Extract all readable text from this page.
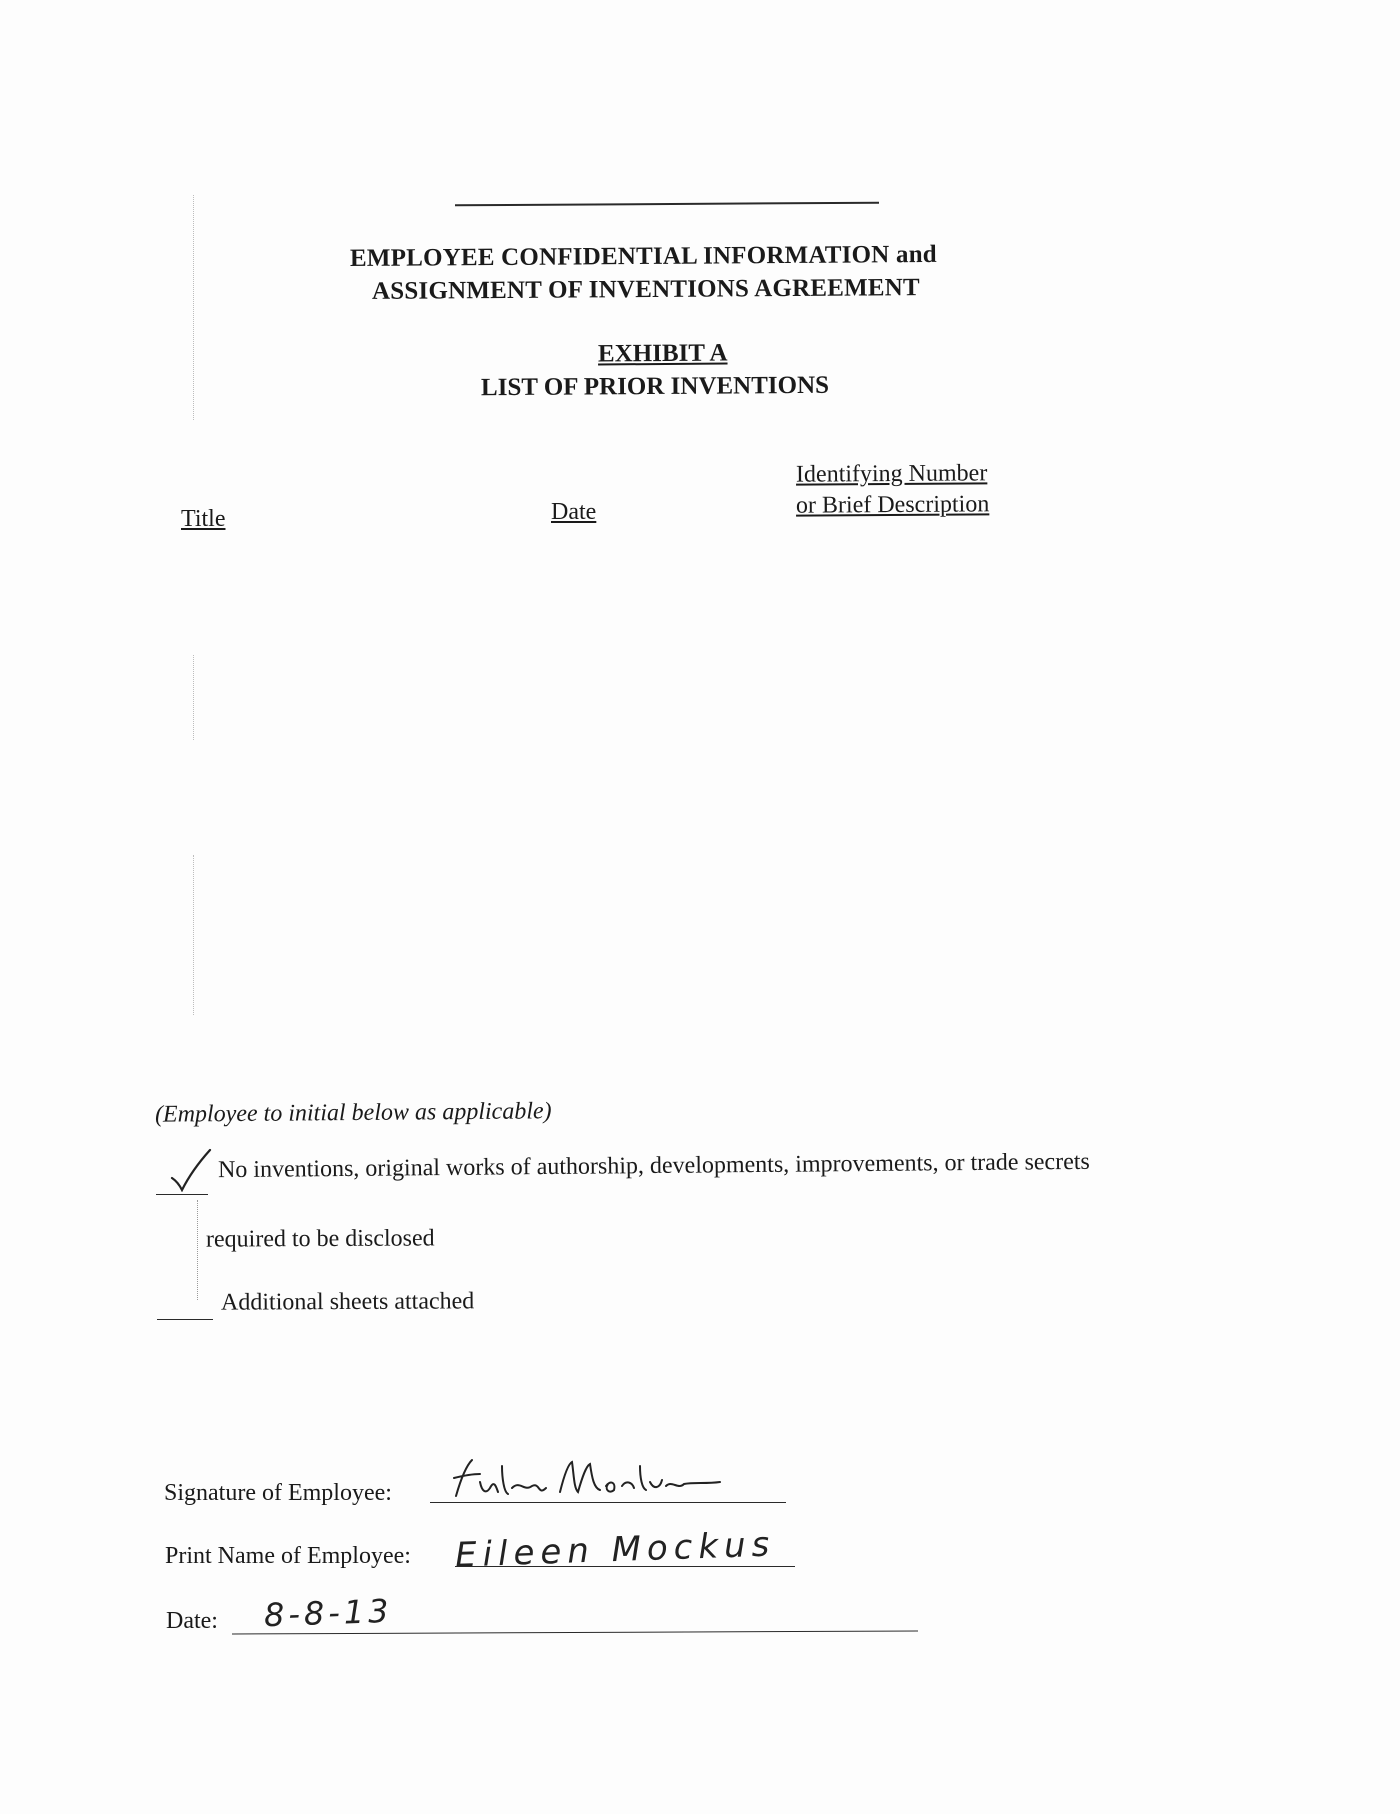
EMPLOYEE CONFIDENTIAL INFORMATION and
ASSIGNMENT OF INVENTIONS AGREEMENT
EXHIBIT A
LIST OF PRIOR INVENTIONS
Title	Date
Identifying Number
or Brief Description
(Employee to initial below as applicable)
No inventions, original works of authorship, developments, improvements, or trade secrets
required to be disclosed
Additional sheets attached
Signature of Employee:
Print Name of Employee: Eileen Mockus
Date: 8-8-13
